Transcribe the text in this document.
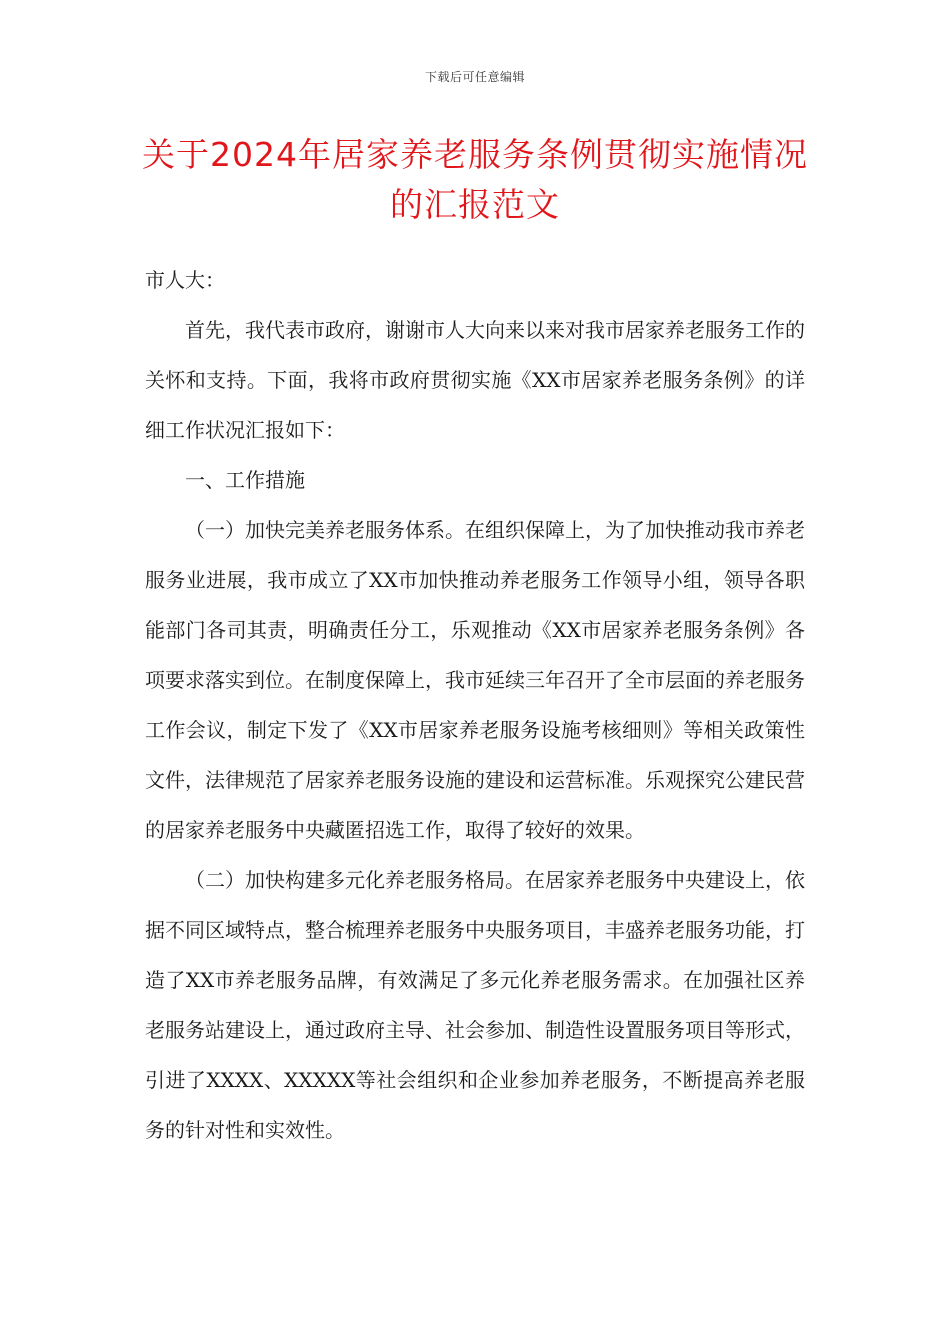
下载后可任意编辑
关于2024年居家养老服务条例贯彻实施情况的汇报范文

市人大：

首先，我代表市政府，谢谢市人大向来以来对我市居家养老服务工作的关怀和支持。下面，我将市政府贯彻实施《XX市居家养老服务条例》的详细工作状况汇报如下：

一、工作措施

（一）加快完美养老服务体系。在组织保障上，为了加快推动我市养老服务业进展，我市成立了XX市加快推动养老服务工作领导小组，领导各职能部门各司其责，明确责任分工，乐观推动《XX市居家养老服务条例》各项要求落实到位。在制度保障上，我市延续三年召开了全市层面的养老服务工作会议，制定下发了《XX市居家养老服务设施考核细则》等相关政策性文件，法律规范了居家养老服务设施的建设和运营标准。乐观探究公建民营的居家养老服务中央藏匿招选工作，取得了较好的效果。

（二）加快构建多元化养老服务格局。在居家养老服务中央建设上，依据不同区域特点，整合梳理养老服务中央服务项目，丰盛养老服务功能，打造了XX市养老服务品牌，有效满足了多元化养老服务需求。在加强社区养老服务站建设上，通过政府主导、社会参加、制造性设置服务项目等形式，引进了XXXX、XXXXX等社会组织和企业参加养老服务，不断提高养老服务的针对性和实效性。
